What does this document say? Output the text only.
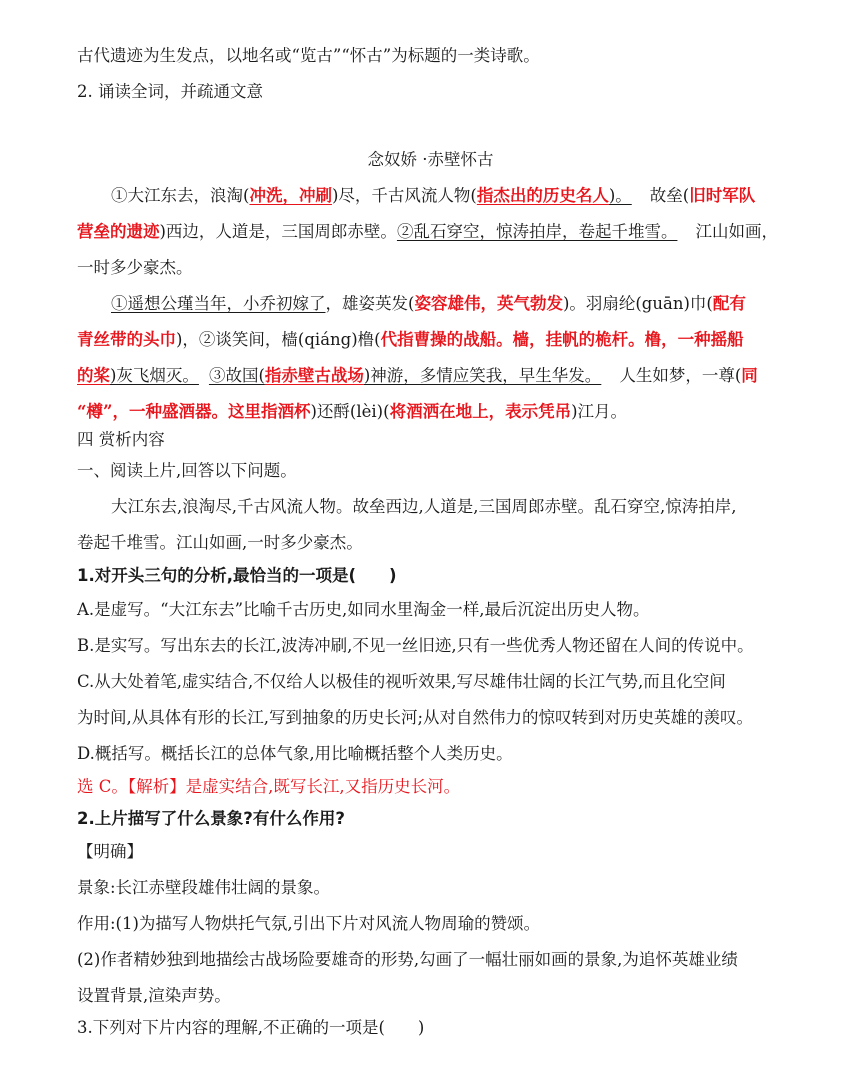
古代遗迹为生发点，以地名或“览古”“怀古”为标题的一类诗歌。
2. 诵读全词，并疏通文意
念奴娇 ·赤壁怀古
①大江东去，浪淘(冲洗，冲刷)尽，千古风流人物(指杰出的历史名人)。 故垒(旧时军队
营垒的遗迹)西边，人道是，三国周郎赤壁。②乱石穿空，惊涛拍岸，卷起千堆雪。 江山如画，
一时多少豪杰。
①遥想公瑾当年，小乔初嫁了，雄姿英发(姿容雄伟，英气勃发)。羽扇纶(guān)巾(配有
青丝带的头巾)，②谈笑间，樯(qiáng)橹(代指曹操的战船。樯，挂帆的桅杆。橹，一种摇船
的桨)灰飞烟灭。 ③故国(指赤壁古战场)神游，多情应笑我，早生华发。 人生如梦，一尊(同
“樽”，一种盛酒器。这里指酒杯)还酹(lèi)(将酒洒在地上，表示凭吊)江月。
四 赏析内容
一、阅读上片,回答以下问题。
大江东去,浪淘尽,千古风流人物。故垒西边,人道是,三国周郎赤壁。乱石穿空,惊涛拍岸,
卷起千堆雪。江山如画,一时多少豪杰。
1.对开头三句的分析,最恰当的一项是(　　)
A.是虚写。“大江东去”比喻千古历史,如同水里淘金一样,最后沉淀出历史人物。
B.是实写。写出东去的长江,波涛冲刷,不见一丝旧迹,只有一些优秀人物还留在人间的传说中。
C.从大处着笔,虚实结合,不仅给人以极佳的视听效果,写尽雄伟壮阔的长江气势,而且化空间
为时间,从具体有形的长江,写到抽象的历史长河;从对自然伟力的惊叹转到对历史英雄的羡叹。
D.概括写。概括长江的总体气象,用比喻概括整个人类历史。
选 C。【解析】是虚实结合,既写长江,又指历史长河。
2.上片描写了什么景象?有什么作用?
【明确】
景象:长江赤壁段雄伟壮阔的景象。
作用:(1)为描写人物烘托气氛,引出下片对风流人物周瑜的赞颂。
(2)作者精妙独到地描绘古战场险要雄奇的形势,勾画了一幅壮丽如画的景象,为追怀英雄业绩
设置背景,渲染声势。
3.下列对下片内容的理解,不正确的一项是(　　)
